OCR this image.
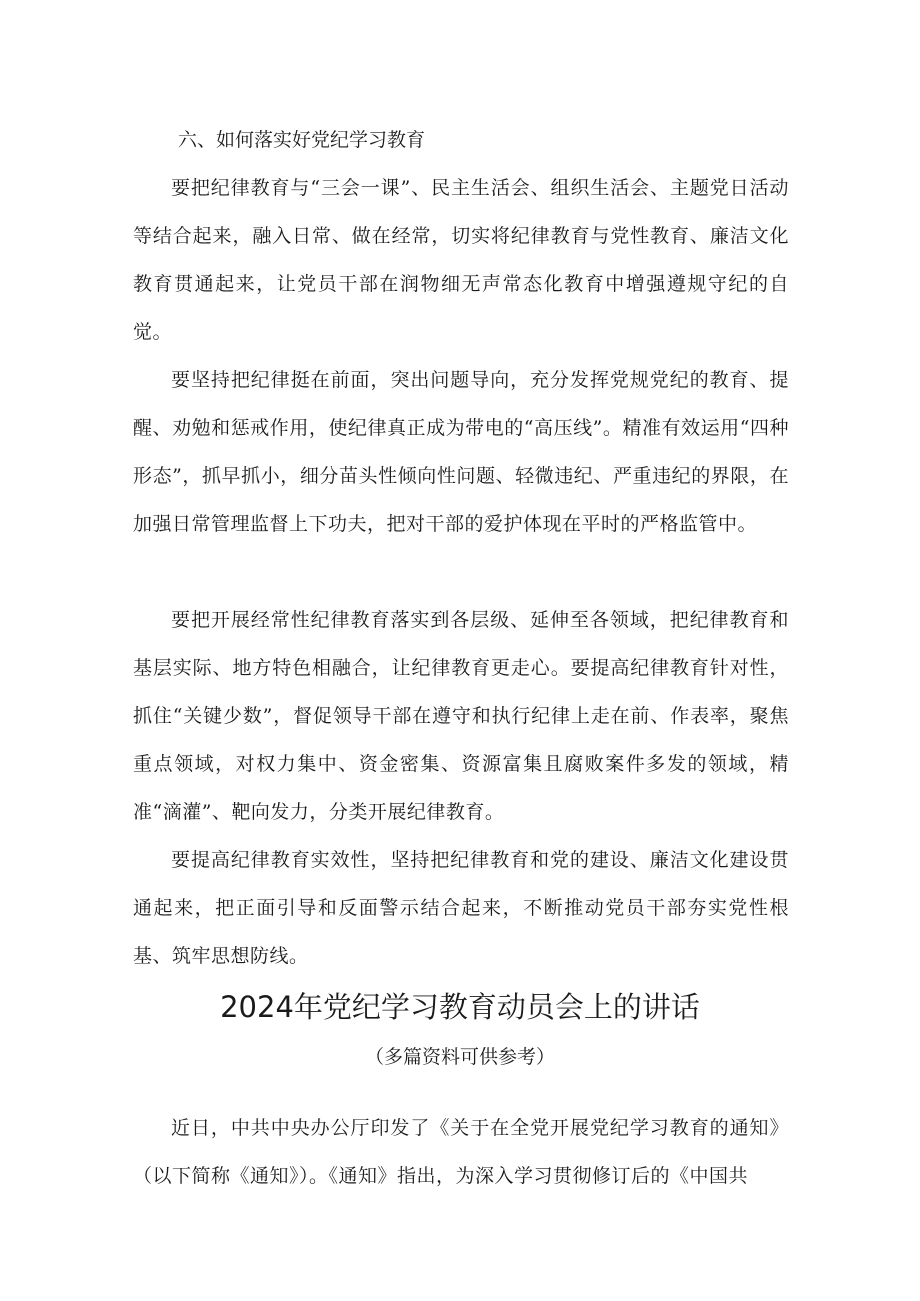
六、如何落实好党纪学习教育

要把纪律教育与“三会一课”、民主生活会、组织生活会、主题党日活动等结合起来，融入日常、做在经常，切实将纪律教育与党性教育、廉洁文化教育贯通起来，让党员干部在润物细无声常态化教育中增强遵规守纪的自觉。

要坚持把纪律挺在前面，突出问题导向，充分发挥党规党纪的教育、提醒、劝勉和惩戒作用，使纪律真正成为带电的“高压线”。精准有效运用“四种形态”，抓早抓小，细分苗头性倾向性问题、轻微违纪、严重违纪的界限，在加强日常管理监督上下功夫，把对干部的爱护体现在平时的严格监管中。

要把开展经常性纪律教育落实到各层级、延伸至各领域，把纪律教育和基层实际、地方特色相融合，让纪律教育更走心。要提高纪律教育针对性，抓住“关键少数”，督促领导干部在遵守和执行纪律上走在前、作表率，聚焦重点领域，对权力集中、资金密集、资源富集且腐败案件多发的领域，精准“滴灌”、靶向发力，分类开展纪律教育。

要提高纪律教育实效性，坚持把纪律教育和党的建设、廉洁文化建设贯通起来，把正面引导和反面警示结合起来，不断推动党员干部夯实党性根基、筑牢思想防线。

2024年党纪学习教育动员会上的讲话
（多篇资料可供参考）

近日，中共中央办公厅印发了《关于在全党开展党纪学习教育的通知》（以下简称《通知》）。《通知》指出，为深入学习贯彻修订后的《中国共
